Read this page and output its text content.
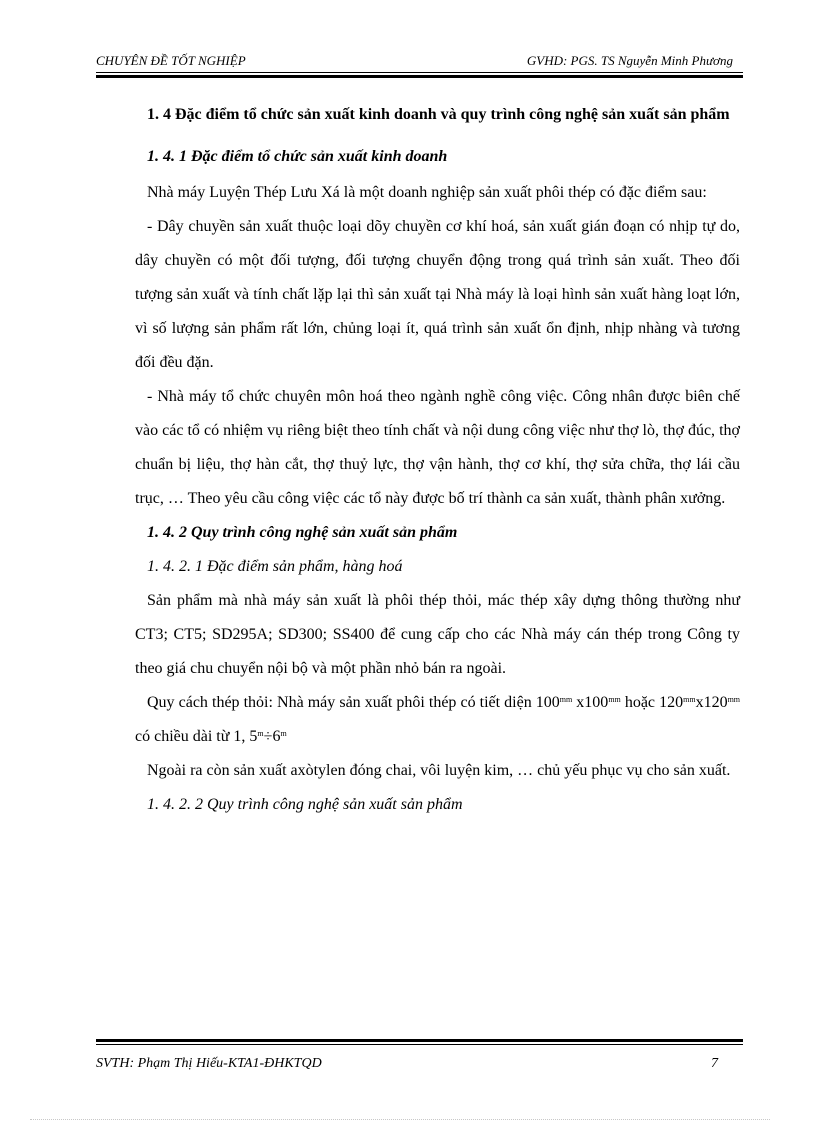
CHUYÊN ĐỀ TỐT NGHIỆP	GVHD: PGS. TS Nguyễn Minh Phương

1. 4 Đặc điểm tổ chức sản xuất kinh doanh và quy trình công nghệ sản xuất sản phẩm

1. 4. 1 Đặc điểm tổ chức sản xuất kinh doanh

Nhà máy Luyện Thép Lưu Xá là một doanh nghiệp sản xuất phôi thép có đặc điểm sau:

- Dây chuyền sản xuất thuộc loại dõy chuyền cơ khí hoá, sản xuất gián đoạn có nhịp tự do, dây chuyền có một đối tượng, đối tượng chuyển động trong quá trình sản xuất. Theo đối tượng sản xuất và tính chất lặp lại thì sản xuất tại Nhà máy là loại hình sản xuất hàng loạt lớn, vì số lượng sản phẩm rất lớn, chủng loại ít, quá trình sản xuất ổn định, nhịp nhàng và tương đối đều đặn.

- Nhà máy tổ chức chuyên môn hoá theo ngành nghề công việc. Công nhân được biên chế vào các tổ có nhiệm vụ riêng biệt theo tính chất và nội dung công việc như thợ lò, thợ đúc, thợ chuẩn bị liệu, thợ hàn cắt, thợ thuỷ lực, thợ vận hành, thợ cơ khí, thợ sửa chữa, thợ lái cầu trục, … Theo yêu cầu công việc các tổ này được bố trí thành ca sản xuất, thành phân xưởng.

1. 4. 2 Quy trình công nghệ sản xuất sản phẩm

1. 4. 2. 1 Đặc điểm sản phẩm, hàng hoá

Sản phẩm mà nhà máy sản xuất là phôi thép thỏi, mác thép xây dựng thông thường như CT3; CT5; SD295A; SD300; SS400 để cung cấp cho các Nhà máy cán thép trong Công ty theo giá chu chuyển nội bộ và một phần nhỏ bán ra ngoài.

Quy cách thép thỏi: Nhà máy sản xuất phôi thép có tiết diện $100^{mm}$ $x100^{mm}$ hoặc $120^{mm}x120^{mm}$ có chiều dài từ 1, $5^m\div 6^m$

Ngoài ra còn sản xuất axòtylen đóng chai, vôi luyện kim, … chủ yếu phục vụ cho sản xuất.

1. 4. 2. 2 Quy trình công nghệ sản xuất sản phẩm

SVTH: Phạm Thị Hiếu-KTA1-ĐHKTQD	7
